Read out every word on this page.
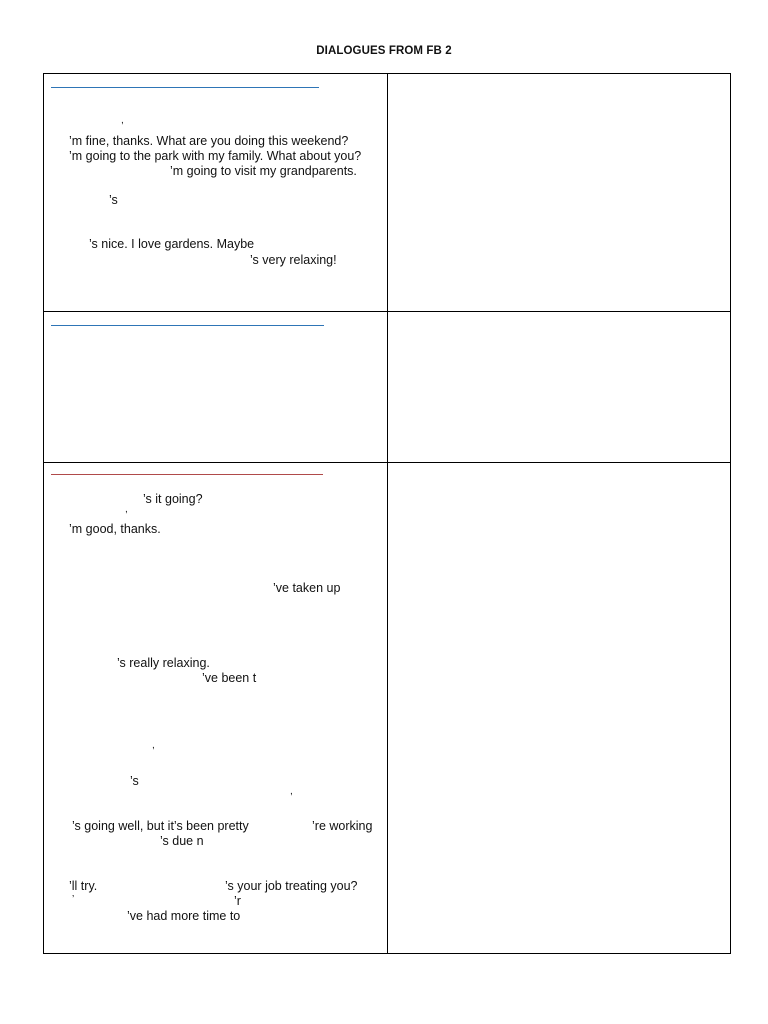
DIALOGUES FROM FB 2
,
’m fine, thanks. What are you doing this weekend?
’m going to the park with my family. What about you?
’m going to visit my grandparents.
’s
’s nice. I love gardens. Maybe
’s very relaxing!
’s it going?
,
’m good, thanks.
’ve taken up
’s really relaxing.
’ve been t
,
’s
,
’s going well, but it’s been pretty	’re working
’s due n
’ll try.	’s your job treating you?
’	’r
’ve had more time to
